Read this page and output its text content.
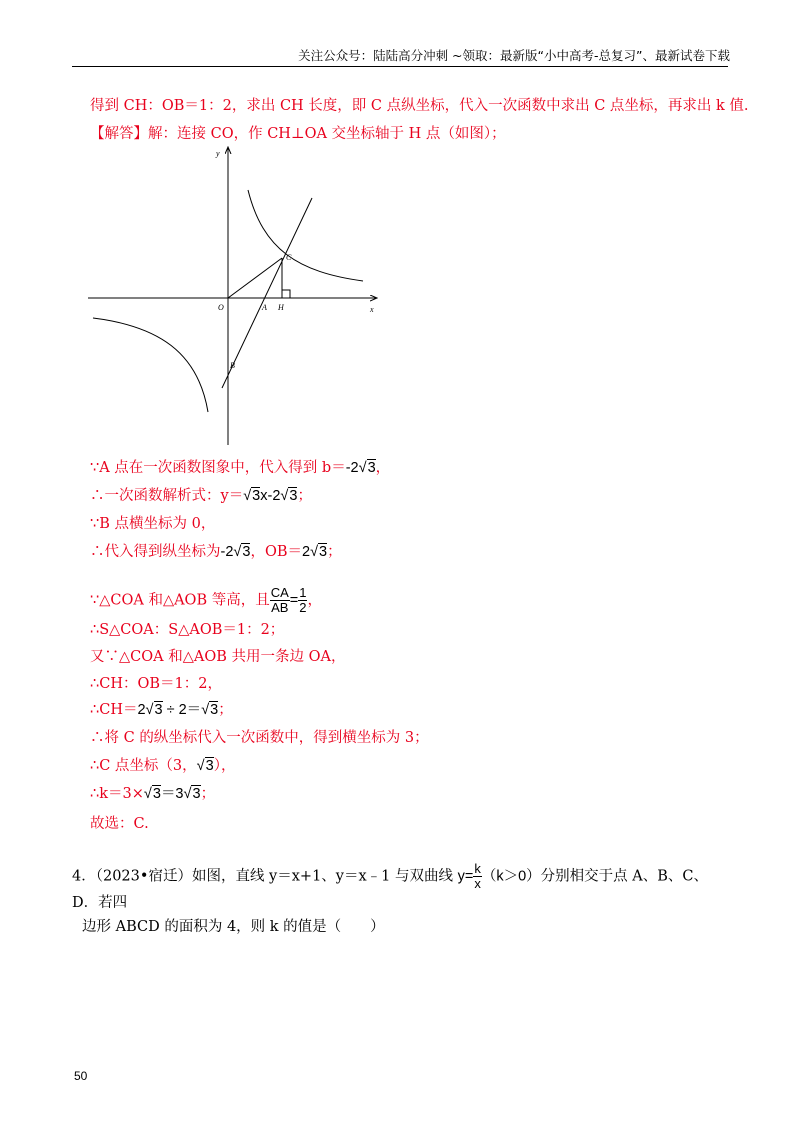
关注公众号：陆陆高分冲刺 ~领取：最新版“小中高考-总复习”、最新试卷下载
得到 CH：OB＝1：2，求出 CH 长度，即 C 点纵坐标，代入一次函数中求出 C 点坐标，再求出 k 值.
【解答】解：连接 CO，作 CH⊥OA 交坐标轴于 H 点（如图）；
y
x
O	A H
C
B
∵A 点在一次函数图象中，代入得到 b＝-2√3，
∴一次函数解析式：y＝√3x-2√3；
∵B 点横坐标为 0，
∴代入得到纵坐标为-2√3，OB＝2√3；
∵△COA 和△AOB 等高，且 $\frac{CA}{AB} = \frac{1}{2}$ ，
∴S△COA：S△AOB＝1：2；
又∵△COA 和△AOB 共用一条边 OA，
∴CH：OB＝1：2，
∴CH＝2√3 ÷ 2＝√3；
∴将 C 的纵坐标代入一次函数中，得到横坐标为 3；
∴C 点坐标（3，√3），
∴k＝3×√3＝3√3；
故选：C.
4．（2023•宿迁）如图，直线 y＝x+1、y＝x﹣1 与双曲线 $y= \frac{k}{x} (k>0)$分别相交于点 A、B、C、D．若四
边形 ABCD 的面积为 4，则 k 的值是（　　）
50
